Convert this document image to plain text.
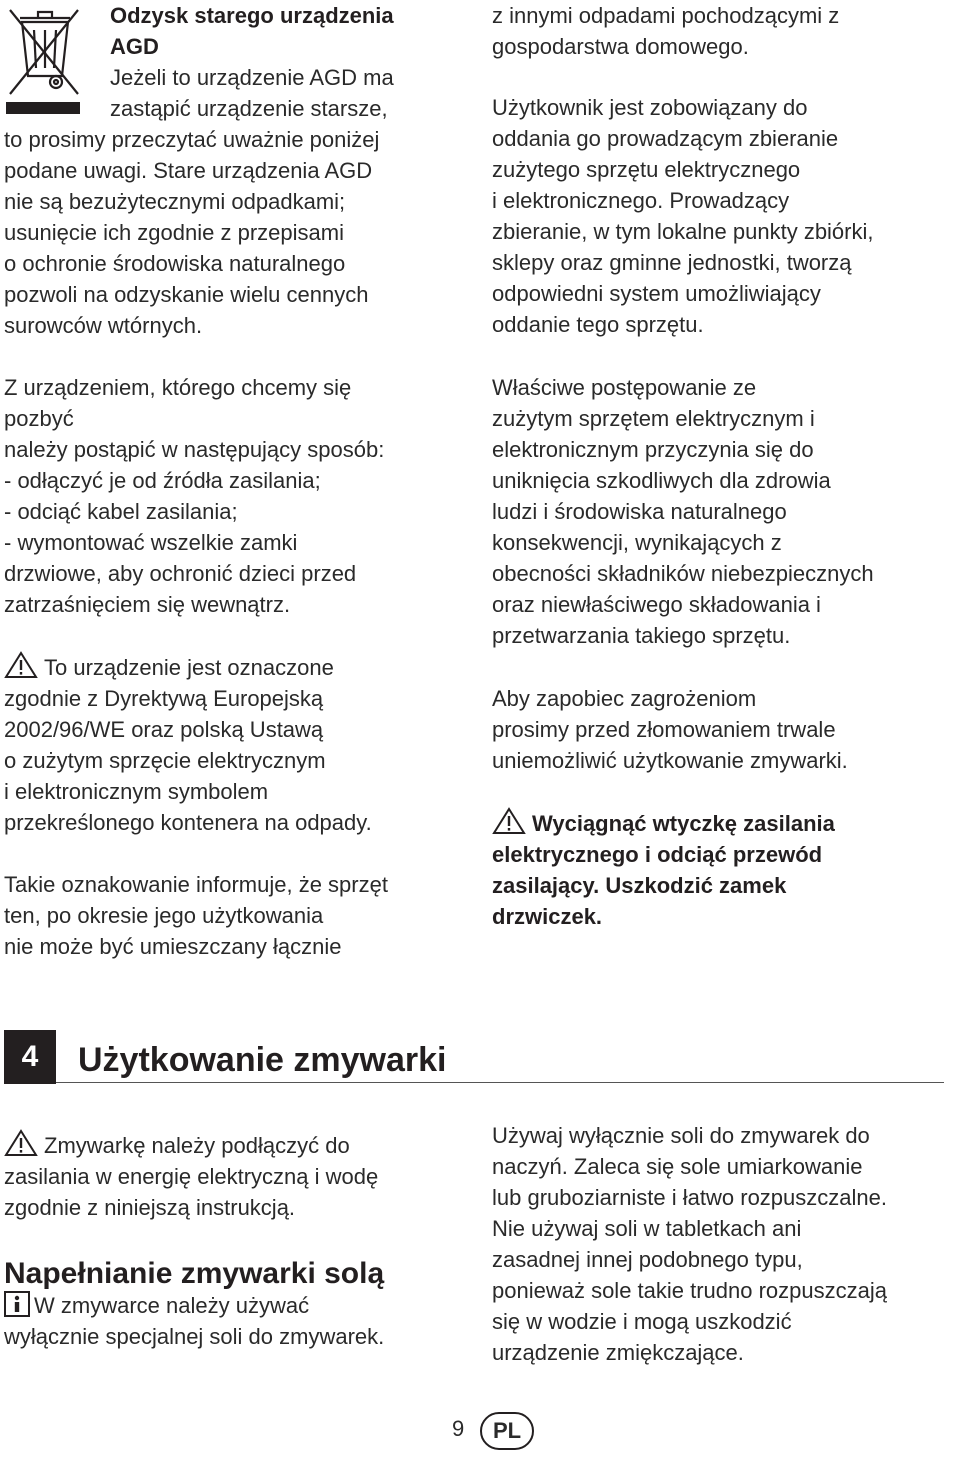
Odzysk starego urządzenia
AGD
Jeżeli to urządzenie AGD ma
zastąpić urządzenie starsze,
to prosimy przeczytać uważnie poniżej
podane uwagi. Stare urządzenia AGD
nie są bezużytecznymi odpadkami;
usunięcie ich zgodnie z przepisami
o ochronie środowiska naturalnego
pozwoli na odzyskanie wielu cennych
surowców wtórnych.
Z urządzeniem, którego chcemy się
pozbyć
należy postąpić w następujący sposób:
- odłączyć je od źródła zasilania;
- odciąć kabel zasilania;
- wymontować wszelkie zamki
drzwiowe, aby ochronić dzieci przed
zatrzaśnięciem się wewnątrz.
To urządzenie jest oznaczone
zgodnie z Dyrektywą Europejską
2002/96/WE oraz polską Ustawą
o zużytym sprzęcie elektrycznym
i elektronicznym symbolem
przekreślonego kontenera na odpady.
Takie oznakowanie informuje, że sprzęt
ten, po okresie jego użytkowania
nie może być umieszczany łącznie
z innymi odpadami pochodzącymi z
gospodarstwa domowego.
Użytkownik jest zobowiązany do
oddania go prowadzącym zbieranie
zużytego sprzętu elektrycznego
i elektronicznego. Prowadzący
zbieranie, w tym lokalne punkty zbiórki,
sklepy oraz gminne jednostki, tworzą
odpowiedni system umożliwiający
oddanie tego sprzętu.
Właściwe postępowanie ze
zużytym sprzętem elektrycznym i
elektronicznym przyczynia się do
uniknięcia szkodliwych dla zdrowia
ludzi i środowiska naturalnego
konsekwencji, wynikających z
obecności składników niebezpiecznych
oraz niewłaściwego składowania i
przetwarzania takiego sprzętu.
Aby zapobiec zagrożeniom
prosimy przed złomowaniem trwale
uniemożliwić użytkowanie zmywarki.
Wyciągnąć wtyczkę zasilania
elektrycznego i odciąć przewód
zasilający. Uszkodzić zamek
drzwiczek.
4	Użytkowanie zmywarki
Zmywarkę należy podłączyć do
zasilania w energię elektryczną i wodę
zgodnie z niniejszą instrukcją.
Napełnianie zmywarki solą
W zmywarce należy używać
wyłącznie specjalnej soli do zmywarek.
Używaj wyłącznie soli do zmywarek do
naczyń. Zaleca się sole umiarkowanie
lub gruboziarniste i łatwo rozpuszczalne.
Nie używaj soli w tabletkach ani
zasadnej innej podobnego typu,
ponieważ sole takie trudno rozpuszczają
się w wodzie i mogą uszkodzić
urządzenie zmiękczające.
9	PL
